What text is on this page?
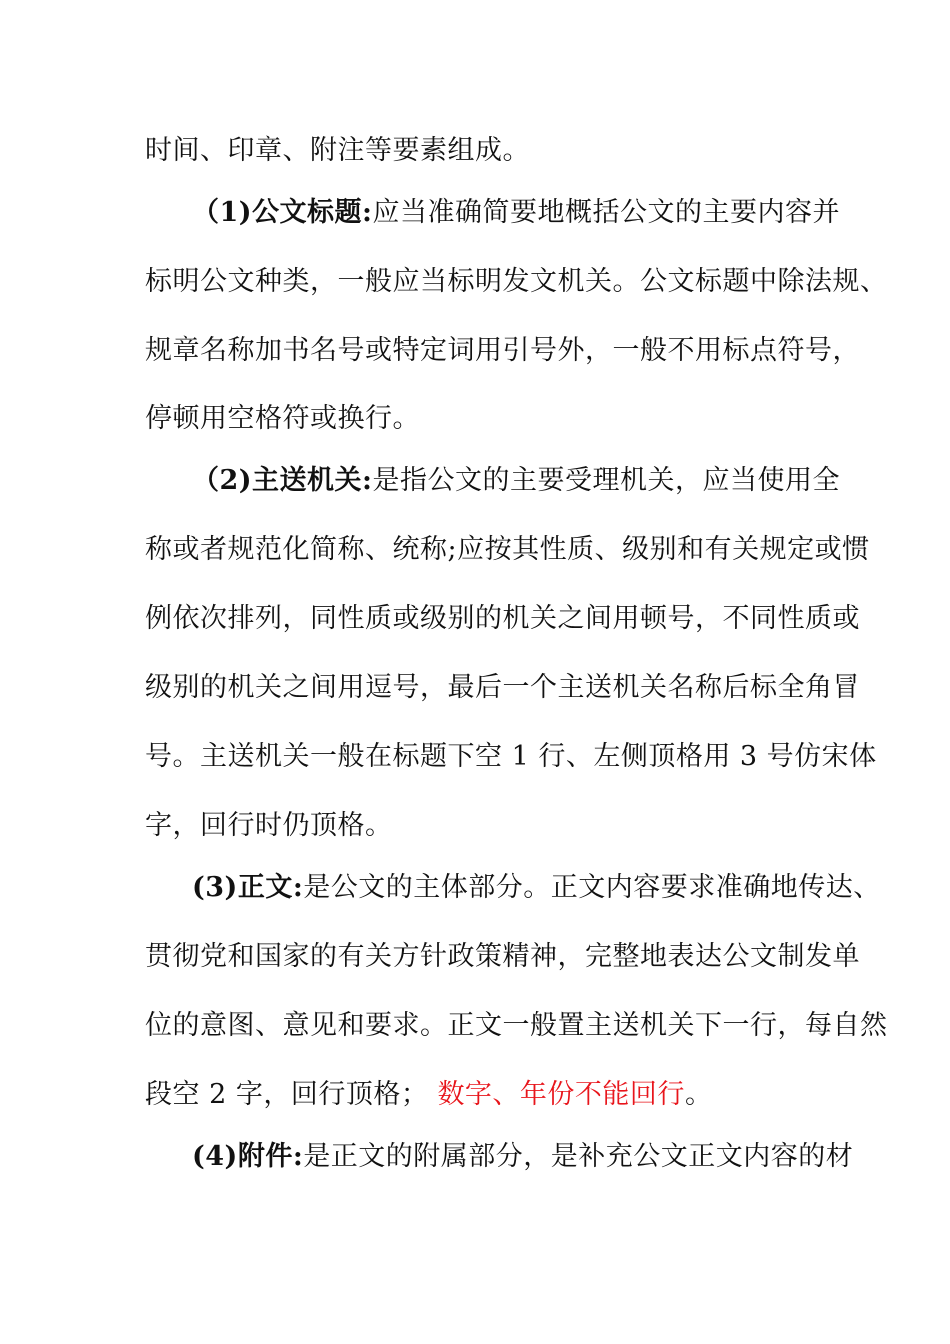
时间、印章、附注等要素组成。
（1)公文标题:应当准确简要地概括公文的主要内容并
标明公文种类，一般应当标明发文机关。公文标题中除法规、
规章名称加书名号或特定词用引号外，一般不用标点符号，
停顿用空格符或换行。
（2)主送机关:是指公文的主要受理机关，应当使用全
称或者规范化简称、统称;应按其性质、级别和有关规定或惯
例依次排列，同性质或级别的机关之间用顿号，不同性质或
级别的机关之间用逗号，最后一个主送机关名称后标全角冒
号。主送机关一般在标题下空 1 行、左侧顶格用 3 号仿宋体
字，回行时仍顶格。
(3)正文:是公文的主体部分。正文内容要求准确地传达、
贯彻党和国家的有关方针政策精神，完整地表达公文制发单
位的意图、意见和要求。正文一般置主送机关下一行，每自然
段空 2 字，回行顶格； 数字、年份不能回行。
(4)附件:是正文的附属部分，是补充公文正文内容的材
